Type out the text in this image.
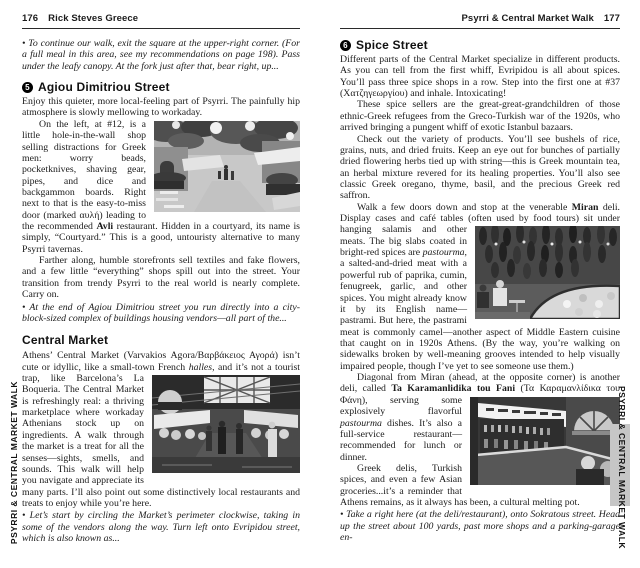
176 Rick Steves Greece

• To continue our walk, exit the square at the upper-right corner. (For a full meal in this area, see my recommendations on page 198). Pass under the leafy canopy. At the fork just after that, bear right, up...

5 Agiou Dimitriou Street

Enjoy this quieter, more local-feeling part of Psyrri. The painfully hip atmosphere is slowly mellowing to workaday.

On the left, at #12, is a little hole-in-the-wall shop selling distractions for Greek men: worry beads, pocketknives, shaving gear, pipes, and dice and backgammon boards. Right next to that is the easy-to-miss door (marked αυλή) leading to the recommended Avli restaurant. Hidden in a courtyard, its name is simply, “Courtyard.” This is a good, untouristy alternative to many Psyrri tavernas.

Farther along, humble storefronts sell textiles and fake flowers, and a few little “everything” shops spill out into the street. Your transition from trendy Psyrri to the real world is nearly complete. Carry on.

• At the end of Agiou Dimitriou street you run directly into a city-block-sized complex of buildings housing vendors—all part of the...

Central Market

Athens’ Central Market (Varvakios Agora/Βαρβάκειος Αγορά) isn’t cute or idyllic, like a small-town French halles, and it’s not a
tourist trap, like Barcelona’s La Boqueria. The Central Market is refreshingly real: a thriving marketplace where workaday Athenians stock up on ingredients. A walk through the market is a treat for all the senses—sights, smells, and sounds. This walk will help you navigate and appreciate its many parts. I’ll also point out some distinctively local restaurants and treats to enjoy while you’re here.

• Let’s start by circling the Market’s perimeter clockwise, taking in some of the vendors along the way. Turn left onto Evripidou street, which is also known as...

PSYRRI & CENTRAL MARKET WALK
Psyrri & Central Market Walk 177
6 Spice Street

Different parts of the Central Market specialize in different products. As you can tell from the first whiff, Evripidou is all about spices. You’ll pass three spice shops in a row. Step into the first one at #37 (Χατζηγεωργίου) and inhale. Intoxicating!

These spice sellers are the great-great-grandchildren of those ethnic-Greek refugees from the Greco-Turkish war of the 1920s, who arrived bringing a pungent whiff of exotic Istanbul bazaars.

Check out the variety of products. You’ll see bushels of rice, grains, nuts, and dried fruits. Keep an eye out for bunches of partially dried flowering herbs tied up with string—this is Greek mountain tea, an herbal mixture revered for its healing properties. You’ll also see classic Greek oregano, thyme, basil, and the precious Greek red saffron.

Walk a few doors down and stop at the venerable Miran deli. Display cases and café tables (often used by food tours) sit under
hanging salamis and other meats. The big slabs coated in bright-red spices are pastourma, a salted-and-dried meat with a powerful rub of paprika, cumin, fenugreek, garlic, and other spices. You might already know it by its English name—pastrami. But here, the pastrami meat is commonly camel—another aspect of Middle Eastern cuisine that caught on in 1920s Athens. (By the way, you’re walking on sidewalks broken by well-meaning grooves intended to help visually impaired people, though I’ve yet to see someone use them.)

Diagonal from Miran (ahead, at the opposite corner) is another deli, called Ta Karamanlidika tou Fani (Τα Καραμανλίδικα
του Φάνη), serving some explosively flavorful pastourma dishes. It’s also a full-service restaurant—recommended for lunch or dinner.

Greek delis, Turkish spices, and even a few Asian groceries...it’s a reminder that Athens remains, as it always has been, a cultural melting pot.

• Take a right here (at the deli/restaurant), onto Sokratous street. Head up the street about 100 yards, past more shops and a parking-garage en-	PSYRRI & CENTRAL MARKET WALK
